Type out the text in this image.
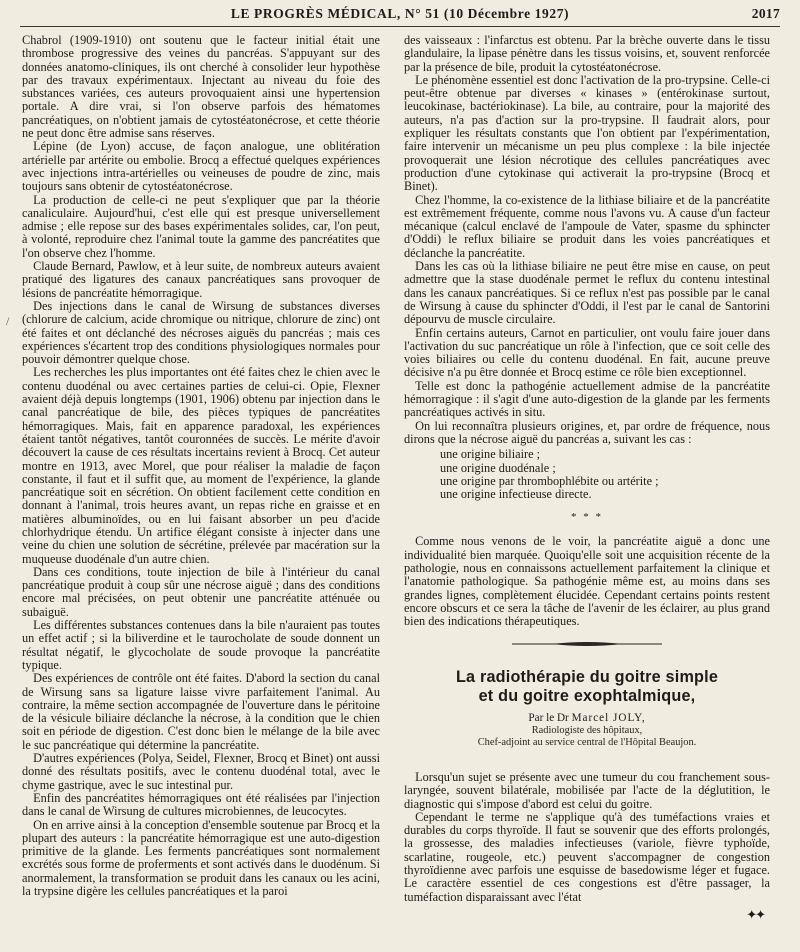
LE PROGRÈS MÉDICAL, N° 51 (10 Décembre 1927)	2017
/

Chabrol (1909-1910) ont soutenu que le facteur initial était une thrombose progressive des veines du pancréas. S'appuyant sur des données anatomo-cliniques, ils ont cherché à consolider leur hypothèse par des travaux expérimentaux. Injectant au niveau du foie des substances variées, ces auteurs provoquaient ainsi une hypertension portale. A dire vrai, si l'on observe parfois des hématomes pancréatiques, on n'obtient jamais de cytostéatonécrose, et cette théorie ne peut donc être admise sans réserves.

Lépine (de Lyon) accuse, de façon analogue, une oblitération artérielle par artérite ou embolie. Brocq a effectué quelques expériences avec injections intra-artérielles ou veineuses de poudre de zinc, mais toujours sans obtenir de cytostéatonécrose.

La production de celle-ci ne peut s'expliquer que par la théorie canaliculaire. Aujourd'hui, c'est elle qui est presque universellement admise ; elle repose sur des bases expérimentales solides, car, l'on peut, à volonté, reproduire chez l'animal toute la gamme des pancréatites que l'on observe chez l'homme.

Claude Bernard, Pawlow, et à leur suite, de nombreux auteurs avaient pratiqué des ligatures des canaux pancréatiques sans provoquer de lésions de pancréatite hémorragique.

Des injections dans le canal de Wirsung de substances diverses (chlorure de calcium, acide chromique ou nitrique, chlorure de zinc) ont été faites et ont déclanché des nécroses aiguës du pancréas ; mais ces expériences s'écartent trop des conditions physiologiques normales pour pouvoir démontrer quelque chose.

Les recherches les plus importantes ont été faites chez le chien avec le contenu duodénal ou avec certaines parties de celui-ci. Opie, Flexner avaient déjà depuis longtemps (1901, 1906) obtenu par injection dans le canal pancréatique de bile, des pièces typiques de pancréatites hémorragiques. Mais, fait en apparence paradoxal, les expériences étaient tantôt négatives, tantôt couronnées de succès. Le mérite d'avoir découvert la cause de ces résultats incertains revient à Brocq. Cet auteur montre en 1913, avec Morel, que pour réaliser la maladie de façon constante, il faut et il suffit que, au moment de l'expérience, la glande pancréatique soit en sécrétion. On obtient facilement cette condition en donnant à l'animal, trois heures avant, un repas riche en graisse et en matières albuminoïdes, ou en lui faisant absorber un peu d'acide chlorhydrique étendu. Un artifice élégant consiste à injecter dans une veine du chien une solution de sécrétine, prélevée par macération sur la muqueuse duodénale d'un autre chien.

Dans ces conditions, toute injection de bile à l'intérieur du canal pancréatique produit à coup sûr une nécrose aiguë ; dans des conditions encore mal précisées, on peut obtenir une pancréatite atténuée ou subaiguë.

Les différentes substances contenues dans la bile n'auraient pas toutes un effet actif ; si la biliverdine et le taurocholate de soude donnent un résultat négatif, le glycocholate de soude provoque la pancréatite typique.

Des expériences de contrôle ont été faites. D'abord la section du canal de Wirsung sans sa ligature laisse vivre parfaitement l'animal. Au contraire, la même section accompagnée de l'ouverture dans le péritoine de la vésicule biliaire déclanche la nécrose, à la condition que le chien soit en période de digestion. C'est donc bien le mélange de la bile avec le suc pancréatique qui détermine la pancréatite.

D'autres expériences (Polya, Seidel, Flexner, Brocq et Binet) ont aussi donné des résultats positifs, avec le contenu duodénal total, avec le chyme gastrique, avec le suc intestinal pur.

Enfin des pancréatites hémorragiques ont été réalisées par l'injection dans le canal de Wirsung de cultures microbiennes, de leucocytes.

On en arrive ainsi à la conception d'ensemble soutenue par Brocq et la plupart des auteurs : la pancréatite hémorragique est une auto-digestion primitive de la glande. Les ferments pancréatiques sont normalement excrétés sous forme de proferments et sont activés dans le duodénum. Si anormalement, la transformation se produit dans les canaux ou les acini, la trypsine digère les cellules pancréatiques et la paroi

des vaisseaux : l'infarctus est obtenu. Par la brèche ouverte dans le tissu glandulaire, la lipase pénètre dans les tissus voisins, et, souvent renforcée par la présence de bile, produit la cytostéatonécrose.

Le phénomène essentiel est donc l'activation de la pro-trypsine. Celle-ci peut-être obtenue par diverses « kinases » (entérokinase surtout, leucokinase, bactériokinase). La bile, au contraire, pour la majorité des auteurs, n'a pas d'action sur la pro-trypsine. Il faudrait alors, pour expliquer les résultats constants que l'on obtient par l'expérimentation, faire intervenir un mécanisme un peu plus complexe : la bile injectée provoquerait une lésion nécrotique des cellules pancréatiques avec production d'une cytokinase qui activerait la pro-trypsine (Brocq et Binet).

Chez l'homme, la co-existence de la lithiase biliaire et de la pancréatite est extrêmement fréquente, comme nous l'avons vu. A cause d'un facteur mécanique (calcul enclavé de l'ampoule de Vater, spasme du sphincter d'Oddi) le reflux biliaire se produit dans les voies pancréatiques et déclanche la pancréatite.

Dans les cas où la lithiase biliaire ne peut être mise en cause, on peut admettre que la stase duodénale permet le reflux du contenu intestinal dans les canaux pancréatiques. Si ce reflux n'est pas possible par le canal de Wirsung à cause du sphincter d'Oddi, il l'est par le canal de Santorini dépourvu de muscle circulaire.

Enfin certains auteurs, Carnot en particulier, ont voulu faire jouer dans l'activation du suc pancréatique un rôle à l'infection, que ce soit celle des voies biliaires ou celle du contenu duodénal. En fait, aucune preuve décisive n'a pu être donnée et Brocq estime ce rôle bien exceptionnel.

Telle est donc la pathogénie actuellement admise de la pancréatite hémorragique : il s'agit d'une auto-digestion de la glande par les ferments pancréatiques activés in situ.

On lui reconnaîtra plusieurs origines, et, par ordre de fréquence, nous dirons que la nécrose aiguë du pancréas a, suivant les cas :

une origine biliaire ;
une origine duodénale ;
une origine par thrombophlébite ou artérite ;
une origine infectieuse directe.
* * *

Comme nous venons de le voir, la pancréatite aiguë a donc une individualité bien marquée. Quoiqu'elle soit une acquisition récente de la pathologie, nous en connaissons actuellement parfaitement la clinique et l'anatomie pathologique. Sa pathogénie même est, au moins dans ses grandes lignes, complètement élucidée. Cependant certains points restent encore obscurs et ce sera la tâche de l'avenir de les éclairer, au plus grand bien des indications thérapeutiques.

La radiothérapie du goitre simple
et du goitre exophtalmique,
Par le Dr Marcel JOLY,
Radiologiste des hôpitaux,
Chef-adjoint au service central de l'Hôpital Beaujon.

Lorsqu'un sujet se présente avec une tumeur du cou franchement sous-laryngée, souvent bilatérale, mobilisée par l'acte de la déglutition, le diagnostic qui s'impose d'abord est celui du goitre.

Cependant le terme ne s'applique qu'à des tuméfactions vraies et durables du corps thyroïde. Il faut se souvenir que des efforts prolongés, la grossesse, des maladies infectieuses (variole, fièvre typhoïde, scarlatine, rougeole, etc.) peuvent s'accompagner de congestion thyroïdienne avec parfois une esquisse de basedowisme léger et fugace. Le caractère essentiel de ces congestions est d'être passager, la tuméfaction disparaissant avec l'état

✦✦
